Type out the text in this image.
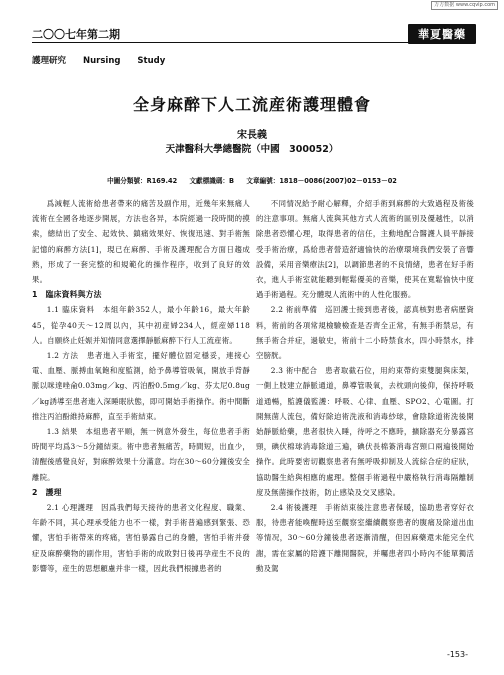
万方数据 www.cqvip.com
二〇〇七年第二期	華夏醫藥
護理研究 Nursing Study
全身麻醉下人工流産術護理體會
宋長義
天津醫科大學總醫院（中國　300052）
中圖分類號：R169.42 文獻標識碼：B 文章編號：1818－0086(2007)02－0153－02

爲減輕人流術給患者帶來的痛苦及副作用，近幾年來無痛人流術在全國各地逐步開展，方法也各异，本院經過一段時間的摸索，總結出了安全、起效快、鎮痛效果好、恢復迅速、對手術無記憶的麻醉方法[1]，現已在麻醉、手術及護理配合方面日趨成熟，形成了一套完整的和規範化的操作程序，收到了良好的效果。

1　臨床資料與方法

1.1 臨床資料　本組年齡352人，最小年齡16，最大年齡45，從孕40天～12周以內，其中初産婦234人，經産婦118人。自願終止妊娠并知情同意選擇靜脈麻醉下行人工流産術。

1.2 方法　患者進入手術室，擺好體位固定穩妥，連接心電、血壓、脈搏血氧飽和度監測，給予鼻導管吸氧，開放手背靜脈以咪達唑侖0.03mg／kg、丙泊酚0.5mg／kg、芬太尼0.8ug／kg誘導至患者進入深睡眠狀態，即可開始手術操作。術中間斷推注丙泊酚維持麻醉，直至手術結束。

1.3 結果　本組患者平順，無一例意外發生，每位患者手術時間平均爲3～5分鐘結束。術中患者無痛苦，時間短，出血少，清醒後感覺良好，對麻醉效果十分滿意。均在30～60分鐘後安全離院。

2　護理

2.1 心理護理　因爲我們每天接待的患者文化程度、職業、年齡不同，其心理承受能力也不一樣，對手術普遍感到緊張、恐懼，害怕手術帶來的疼痛，害怕暴露自己的身體，害怕手術并發症及麻醉藥物的副作用，害怕手術的成敗對日後再孕産生不良的影響等，産生的思想顧慮并非一樣，因此我們根據患者的

不同情况給予耐心解釋，介紹手術到麻醉的大致過程及術後的注意事項。無痛人流與其他方式人流術的區别及優越性，以消除患者恐懼心理，取得患者的信任，主動地配合醫護人員平靜接受手術治療，爲給患者營造舒適愉快的治療環境我們安裝了音響設備，采用音樂療法[2]，以調節患者的不良情緒，患者在好手術衣，進人手術室就能聽到輕鬆優美的音樂，使其在寬鬆愉快中度過手術過程。充分體現人流術中的人性化服務。

2.2 術前準備　巡回護士接到患者後，認真核對患者病歷資料，術前的各項常規檢驗檢查是否齊全正常，有無手術禁忌，有無手術合并症，過敏史，術前十二小時禁食水，四小時禁水，排空膀胱。

2.3 術中配合　患者取截石位，用約束帶約束雙腿與床架，一側上肢建立靜脈通道，鼻導管吸氧，去枕頭向後仰，保持呼吸道通暢，監護儀監護：呼吸、心律、血壓、SPO2、心電圖。打開無菌人流包，備好除迫術洗液和消毒紗球，會陰除道術洗後開始靜脈給藥，患者很快入睡，待呼之不應時，擴除器充分暴露宮頸，碘伏棉球消毒除道三遍，碘伏長棉簽消毒宮頸口兩遍後開始操作。此時要密切觀察患者有無呼吸抑制及人流綜合症的症狀，協助醫生給與相應的處理。整個手術過程中嚴格執行消毒隔離制度及無菌操作技術，防止感染及交叉感染。

2.4 術後護理　手術結束後注意患者保暖，協助患者穿好衣服，待患者能喚醒時送至觀察室繼續觀察患者的腹痛及除道出血等情况，30～60分鐘後患者逐漸清醒，但因麻藥還未能完全代謝，需在家屬的陪護下離開醫院，并囑患者四小時內不能單獨活動及駕

-153-
